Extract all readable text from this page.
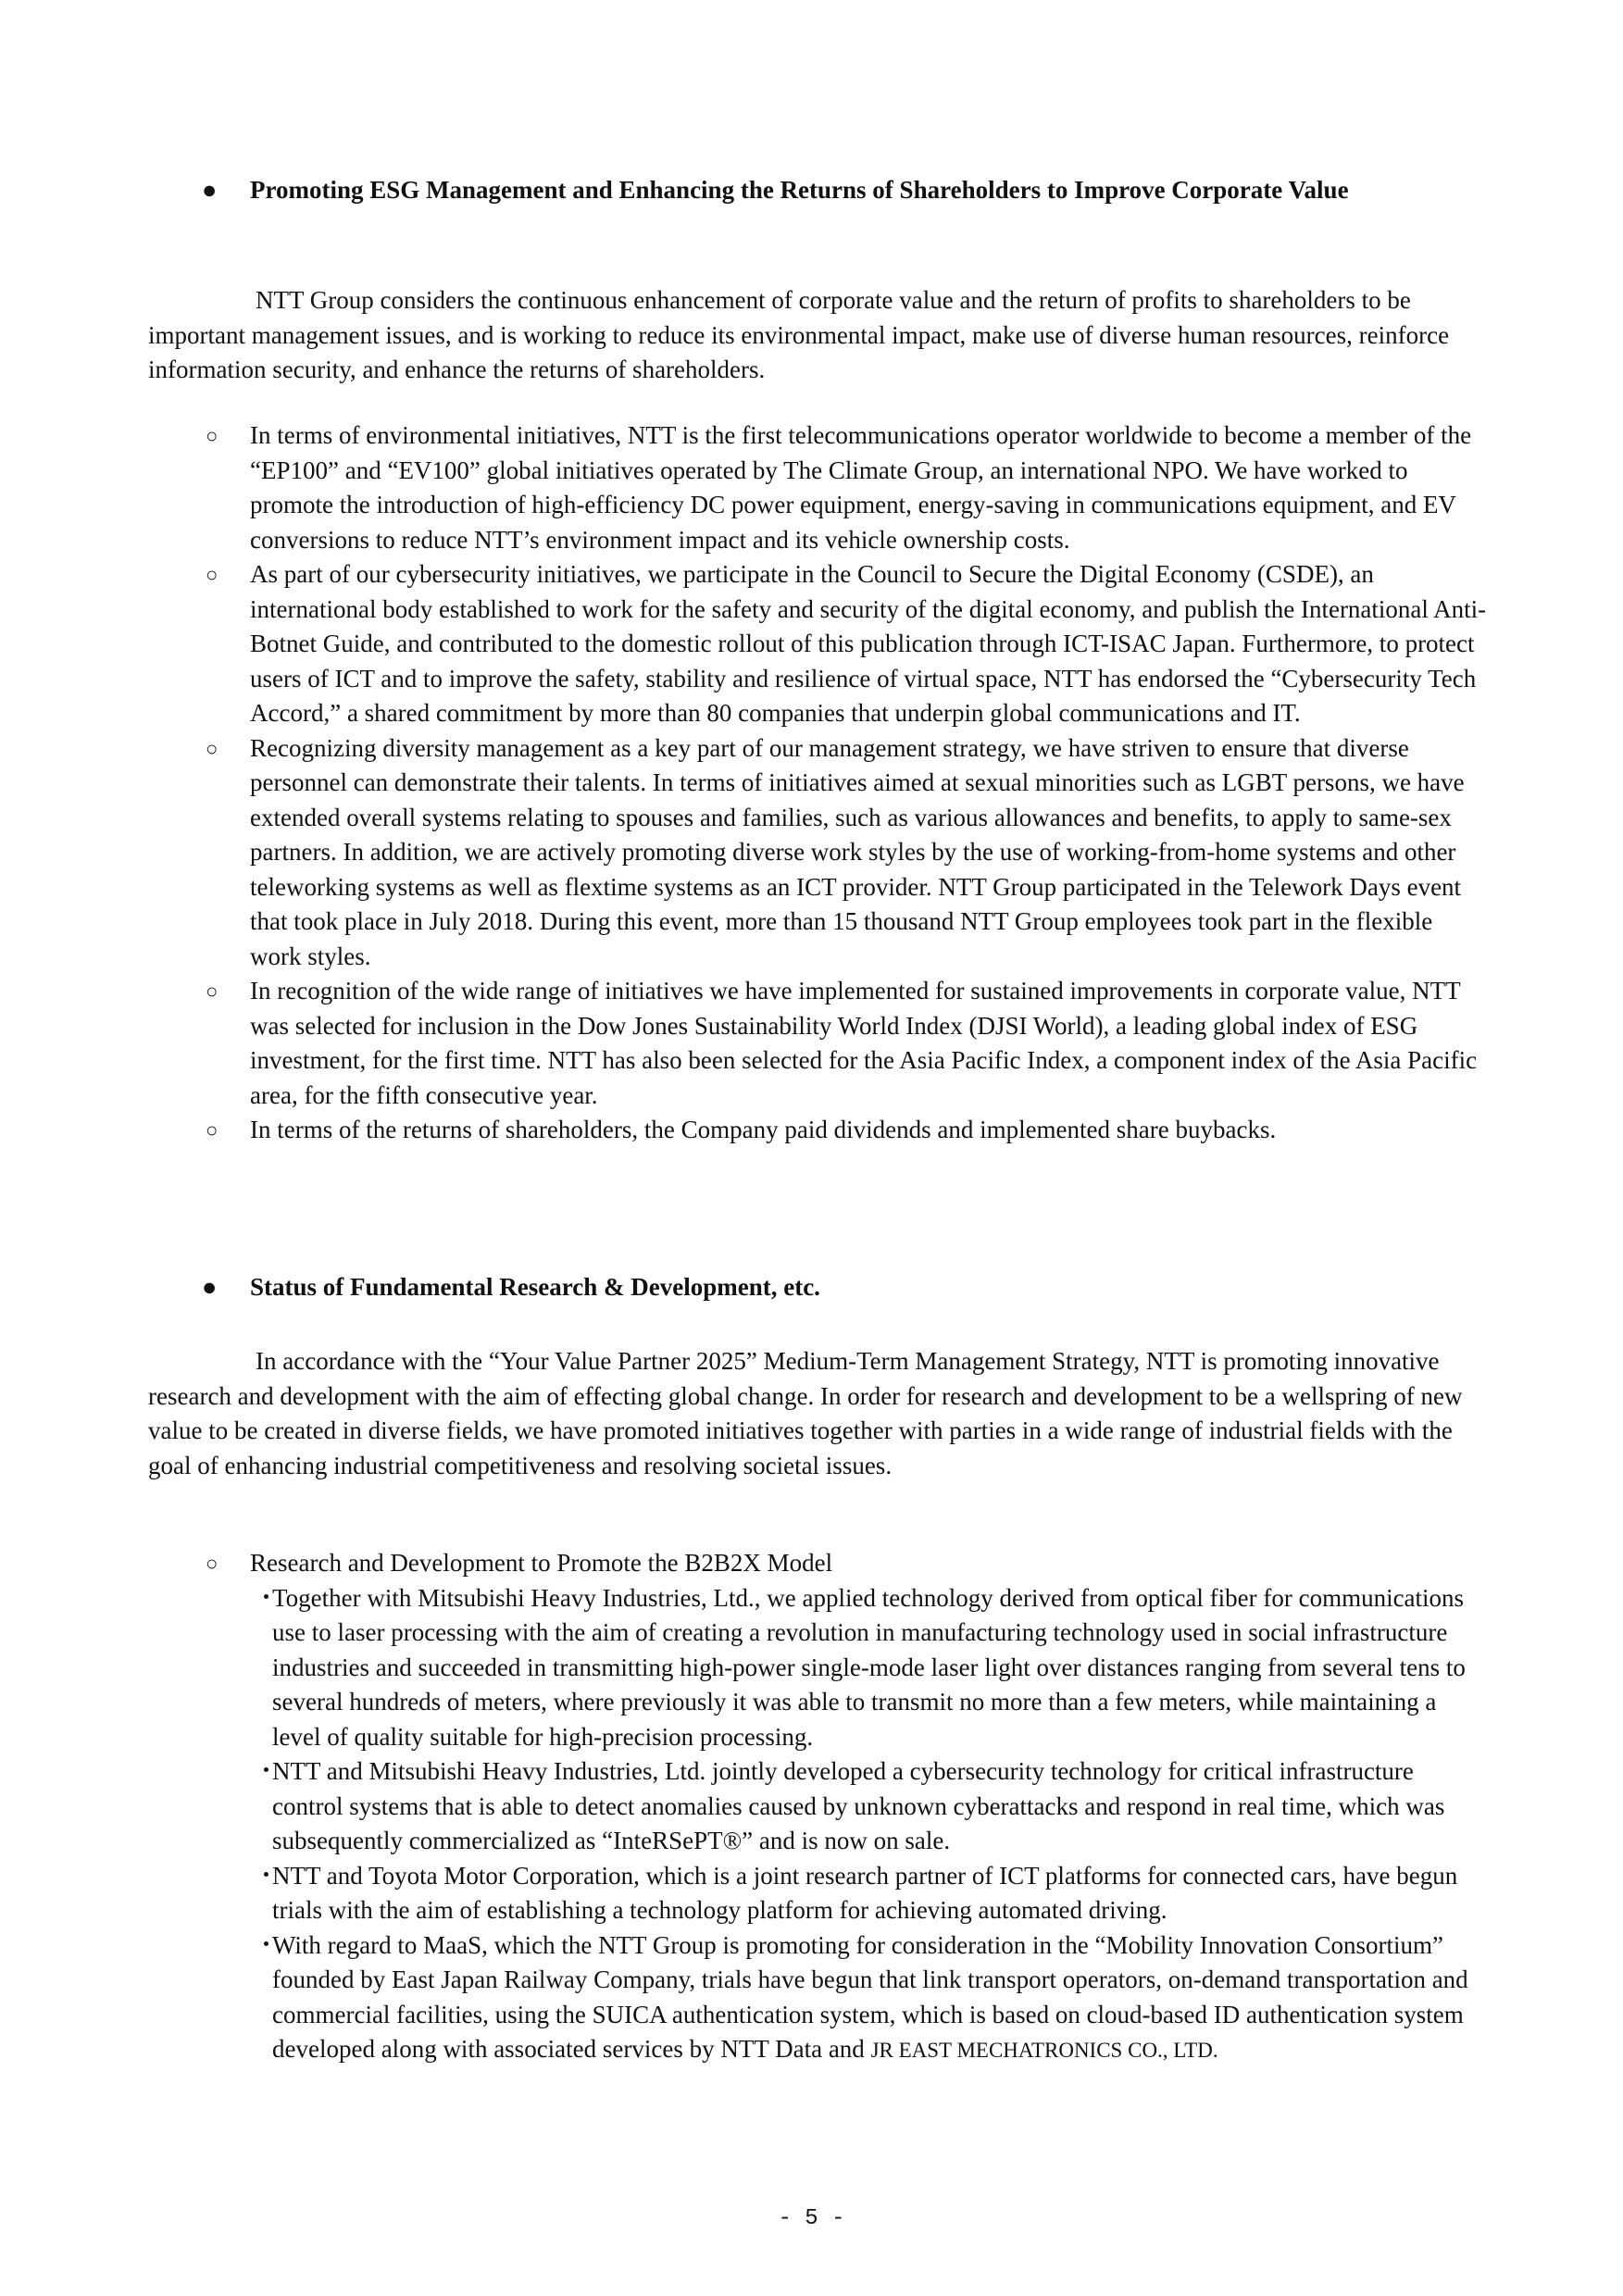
●	Promoting ESG Management and Enhancing the Returns of Shareholders to Improve Corporate Value

NTT Group considers the continuous enhancement of corporate value and the return of profits to shareholders to be important management issues, and is working to reduce its environmental impact, make use of diverse human resources, reinforce information security, and enhance the returns of shareholders.

○ In terms of environmental initiatives, NTT is the first telecommunications operator worldwide to become a member of the “EP100” and “EV100” global initiatives operated by The Climate Group, an international NPO. We have worked to promote the introduction of high-efficiency DC power equipment, energy-saving in communications equipment, and EV conversions to reduce NTT’s environment impact and its vehicle ownership costs.
○ As part of our cybersecurity initiatives, we participate in the Council to Secure the Digital Economy (CSDE), an international body established to work for the safety and security of the digital economy, and publish the International Anti-Botnet Guide, and contributed to the domestic rollout of this publication through ICT-ISAC Japan. Furthermore, to protect users of ICT and to improve the safety, stability and resilience of virtual space, NTT has endorsed the “Cybersecurity Tech Accord,” a shared commitment by more than 80 companies that underpin global communications and IT.
○ Recognizing diversity management as a key part of our management strategy, we have striven to ensure that diverse personnel can demonstrate their talents. In terms of initiatives aimed at sexual minorities such as LGBT persons, we have extended overall systems relating to spouses and families, such as various allowances and benefits, to apply to same-sex partners. In addition, we are actively promoting diverse work styles by the use of working-from-home systems and other teleworking systems as well as flextime systems as an ICT provider. NTT Group participated in the Telework Days event that took place in July 2018. During this event, more than 15 thousand NTT Group employees took part in the flexible work styles.
○ In recognition of the wide range of initiatives we have implemented for sustained improvements in corporate value, NTT was selected for inclusion in the Dow Jones Sustainability World Index (DJSI World), a leading global index of ESG investment, for the first time. NTT has also been selected for the Asia Pacific Index, a component index of the Asia Pacific area, for the fifth consecutive year.
○ In terms of the returns of shareholders, the Company paid dividends and implemented share buybacks.
●	Status of Fundamental Research & Development, etc.

In accordance with the “Your Value Partner 2025” Medium-Term Management Strategy, NTT is promoting innovative research and development with the aim of effecting global change. In order for research and development to be a wellspring of new value to be created in diverse fields, we have promoted initiatives together with parties in a wide range of industrial fields with the goal of enhancing industrial competitiveness and resolving societal issues.

○ Research and Development to Promote the B2B2X Model
・
Together with Mitsubishi Heavy Industries, Ltd., we applied technology derived from optical fiber for communications use to laser processing with the aim of creating a revolution in manufacturing technology used in social infrastructure industries and succeeded in transmitting high-power single-mode laser light over distances ranging from several tens to several hundreds of meters, where previously it was able to transmit no more than a few meters, while maintaining a level of quality suitable for high-precision processing.
・
NTT and Mitsubishi Heavy Industries, Ltd. jointly developed a cybersecurity technology for critical infrastructure control systems that is able to detect anomalies caused by unknown cyberattacks and respond in real time, which was subsequently commercialized as “InteRSePT®” and is now on sale.
・
NTT and Toyota Motor Corporation, which is a joint research partner of ICT platforms for connected cars, have begun trials with the aim of establishing a technology platform for achieving automated driving.
・
With regard to MaaS, which the NTT Group is promoting for consideration in the “Mobility Innovation Consortium” founded by East Japan Railway Company, trials have begun that link transport operators, on-demand transportation and commercial facilities, using the SUICA authentication system, which is based on cloud-based ID authentication system developed along with associated services by NTT Data and JR EAST MECHATRONICS CO., LTD.
- 5 -
